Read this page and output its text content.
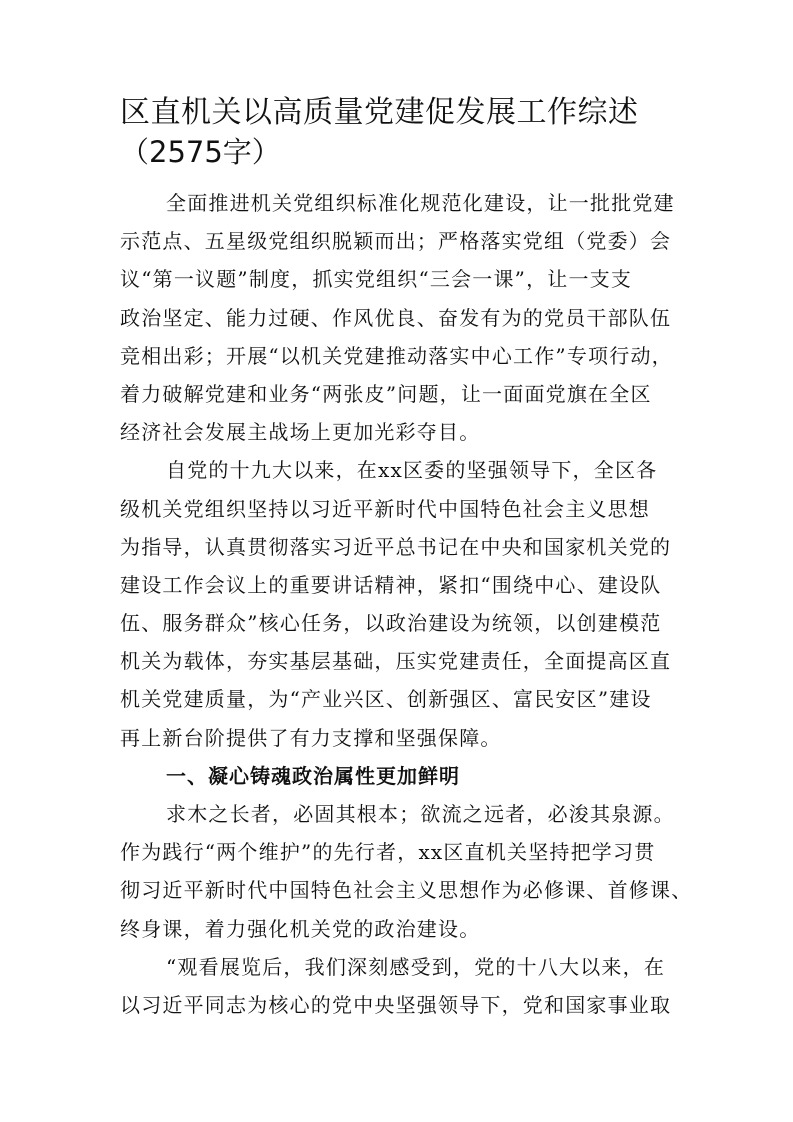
区直机关以高质量党建促发展工作综述
（2575字）
全面推进机关党组织标准化规范化建设，让一批批党建
示范点、五星级党组织脱颖而出；严格落实党组（党委）会
议“第一议题”制度，抓实党组织“三会一课”，让一支支
政治坚定、能力过硬、作风优良、奋发有为的党员干部队伍
竞相出彩；开展“以机关党建推动落实中心工作”专项行动，
着力破解党建和业务“两张皮”问题，让一面面党旗在全区
经济社会发展主战场上更加光彩夺目。
自党的十九大以来，在xx区委的坚强领导下，全区各
级机关党组织坚持以习近平新时代中国特色社会主义思想
为指导，认真贯彻落实习近平总书记在中央和国家机关党的
建设工作会议上的重要讲话精神，紧扣“围绕中心、建设队
伍、服务群众”核心任务，以政治建设为统领，以创建模范
机关为载体，夯实基层基础，压实党建责任，全面提高区直
机关党建质量，为“产业兴区、创新强区、富民安区”建设
再上新台阶提供了有力支撑和坚强保障。
一、凝心铸魂政治属性更加鲜明
求木之长者，必固其根本；欲流之远者，必浚其泉源。
作为践行“两个维护”的先行者，xx区直机关坚持把学习贯
彻习近平新时代中国特色社会主义思想作为必修课、首修课、
终身课，着力强化机关党的政治建设。
“观看展览后，我们深刻感受到，党的十八大以来，在
以习近平同志为核心的党中央坚强领导下，党和国家事业取
